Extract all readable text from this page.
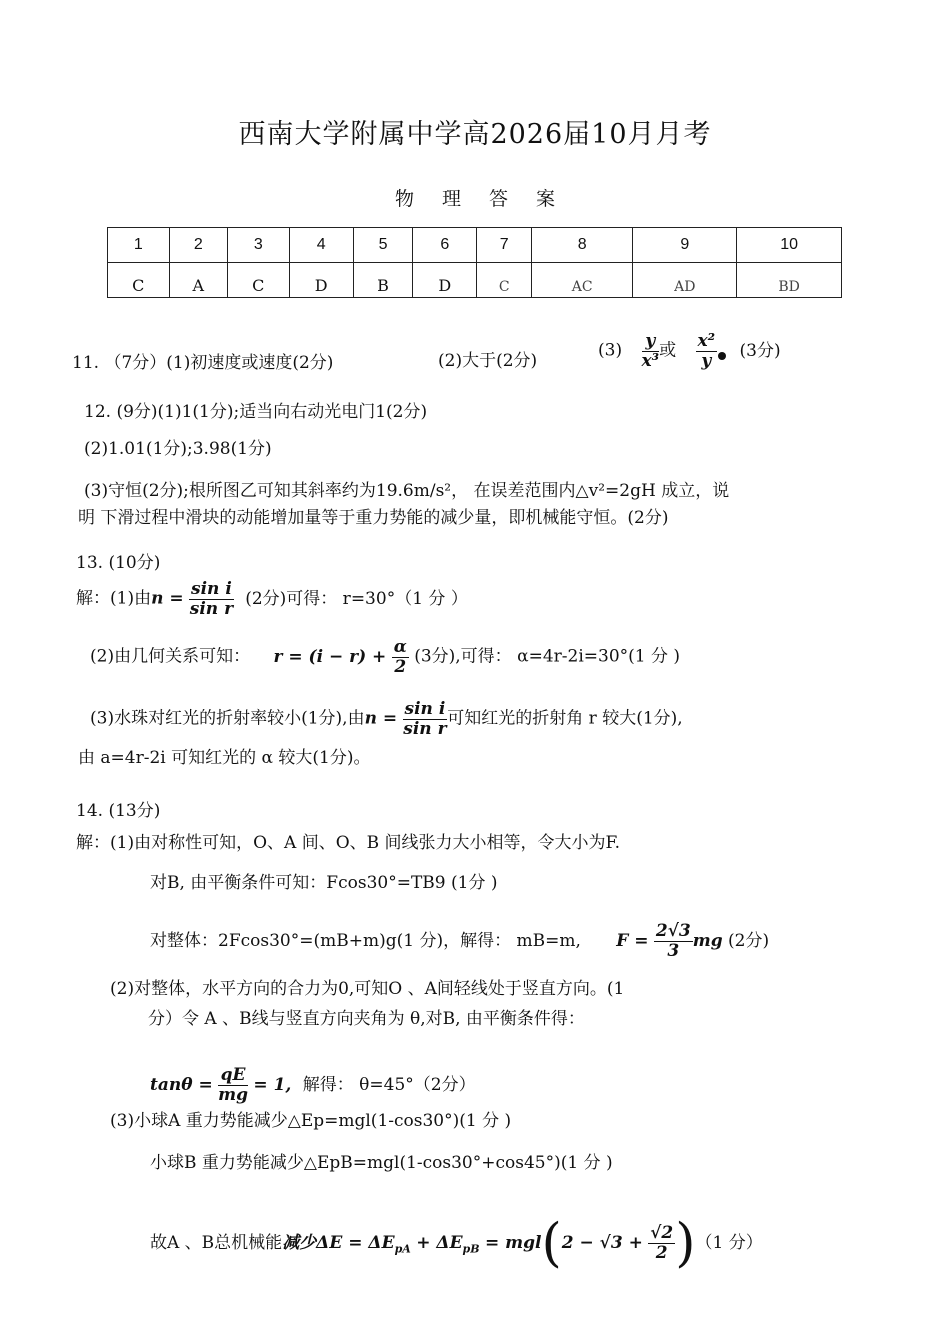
西南大学附属中学高2026届10月月考
物 理 答 案
1	2	3	4	5	6	7	8	9	10
C	A	C	D	B	D	C	AC	AD	BD
11. （7分）(1)初速度或速度(2分)	(2)大于(2分)
$(3) \frac{y}{\text{x³}}$ 或 $\frac{\text{x²}}{y} (3$分)
12. (9分)(1)1(1分);适当向右动光电门1(2分)
(2)1.01(1分);3.98(1分)
(3)守恒(2分);根所图乙可知其斜率约为19.6m/s²， 在误差范围内△v²=2gH 成立，说
明 下滑过程中滑块的动能增加量等于重力势能的减少量，即机械能守恒。(2分)
13. (10分)
解：(1)由$n = \frac{\text{sin i}}{\text{sin r}} (2$分)可得： r=30°（1 分 ）
(2)由几何关系可知： $r = (i - r) + \frac{\alpha}{2} (3$分),可得： α=4r-2i=30°(1 分 )
(3)水珠对红光的折射率较小(1分),由$n = \frac{\text{sin i}}{\text{sin r}}$ 可知红光的折射角 r 较大(1分),
由 a=4r-2i 可知红光的 α 较大(1分)。
14. (13分)
解：(1)由对称性可知，O、A 间、O、B 间线张力大小相等，令大小为F.
对B, 由平衡条件可知：Fcos30°=TB9 (1分 )
对整体：2Fcos30°=(mB+m)g(1 分)，解得： mB=m, $F = \frac{2√3}{3}$ mg (2分)
(2)对整体，水平方向的合力为0,可知O 、A间轻线处于竖直方向。(1
分）令 A 、B线与竖直方向夹角为 θ,对B, 由平衡条件得：
$\tan\theta = \frac{qE}{mg} = 1$, 解得： θ=45°（2分）
(3)小球A 重力势能减少△Ep=mgl(1-cos30°)(1 分 )
小球B 重力势能减少△EpB=mgl(1-cos30°+cos45°)(1 分 )
故A 、B总机械能减少$\Delta E = \Delta E_{pA} + \Delta E_{pB} = mgl(2 - √3 + \frac{√2}{2} )(1$ 分）
